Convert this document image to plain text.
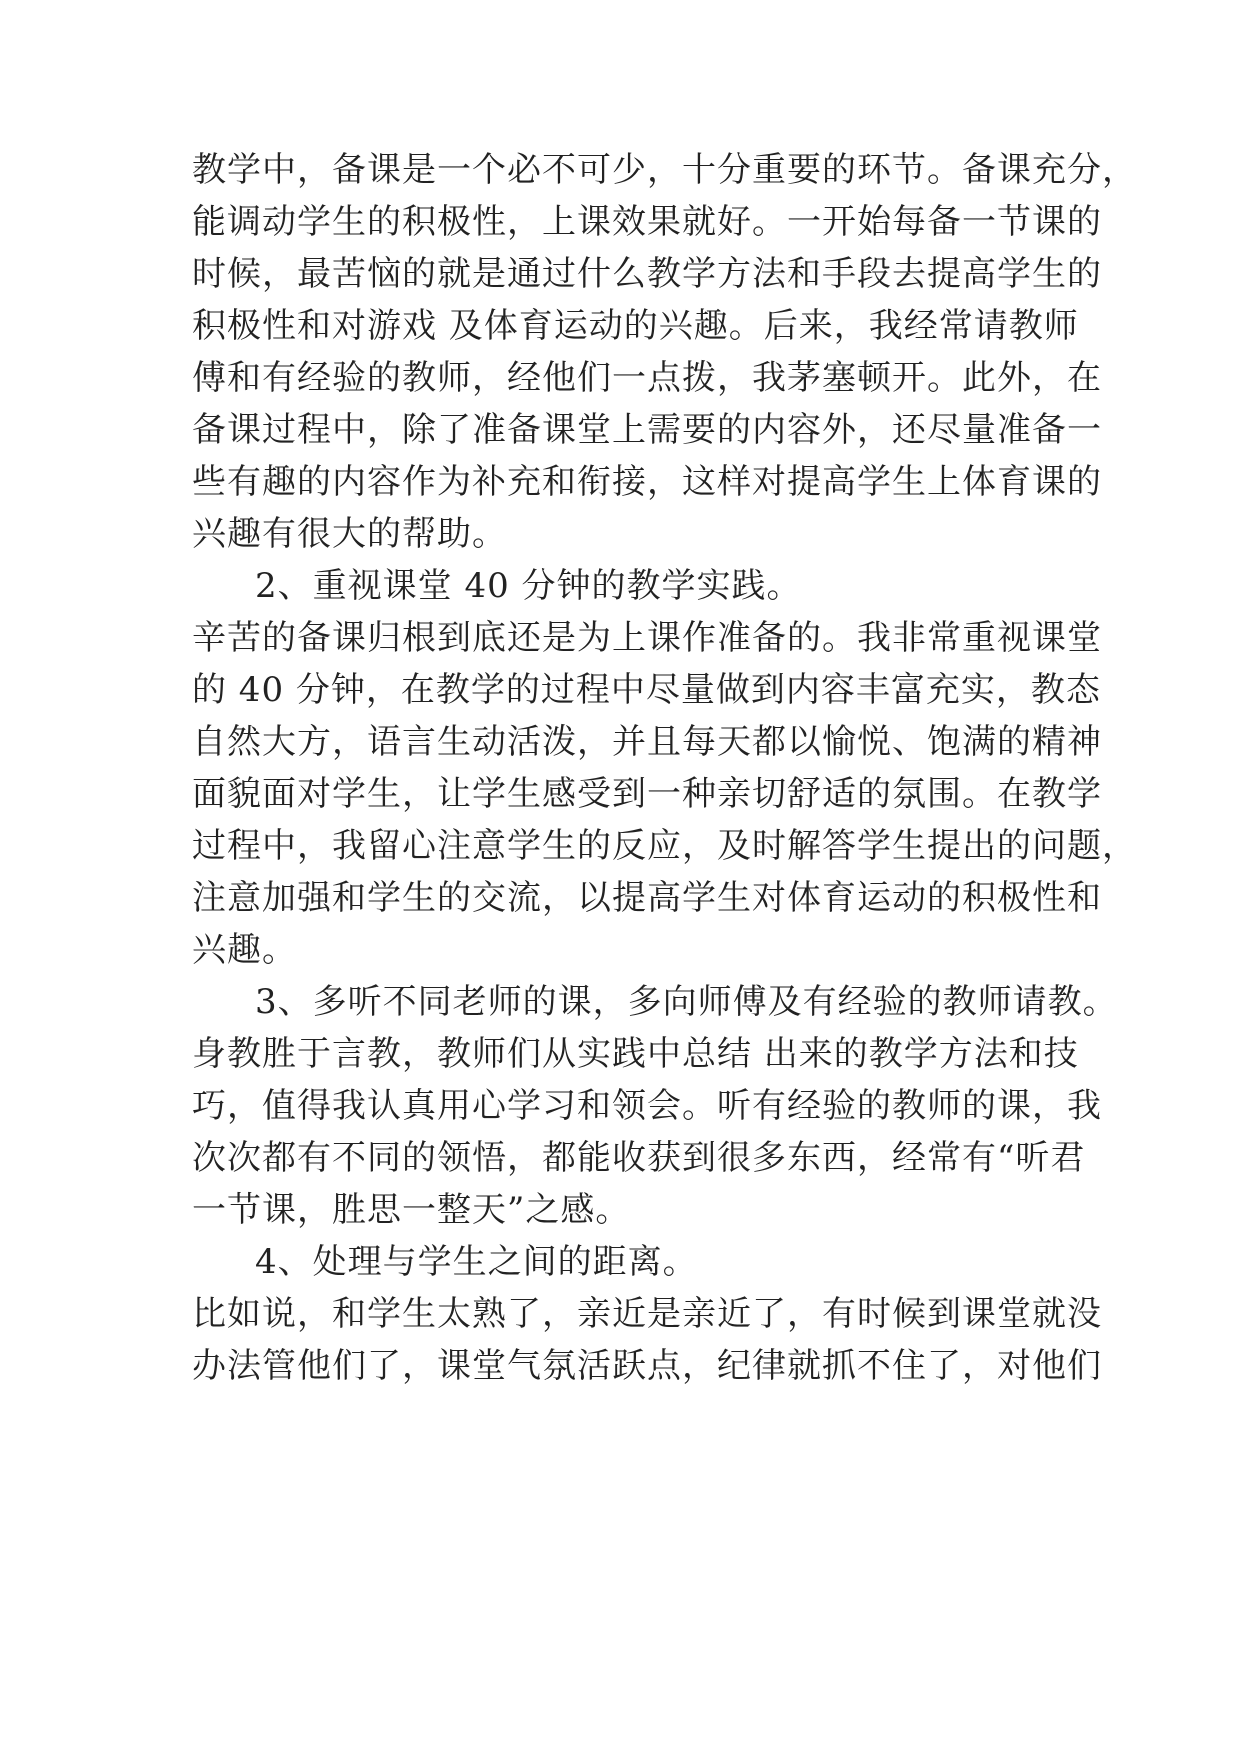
教学中，备课是一个必不可少，十分重要的环节。备课充分，
能调动学生的积极性，上课效果就好。一开始每备一节课的
时候，最苦恼的就是通过什么教学方法和手段去提高学生的
积极性和对游戏 及体育运动的兴趣。后来，我经常请教师
傅和有经验的教师，经他们一点拨，我茅塞顿开。此外，在
备课过程中，除了准备课堂上需要的内容外，还尽量准备一
些有趣的内容作为补充和衔接，这样对提高学生上体育课的
兴趣有很大的帮助。
2、重视课堂 40 分钟的教学实践。
辛苦的备课归根到底还是为上课作准备的。我非常重视课堂
的 40 分钟，在教学的过程中尽量做到内容丰富充实，教态
自然大方，语言生动活泼，并且每天都以愉悦、饱满的精神
面貌面对学生，让学生感受到一种亲切舒适的氛围。在教学
过程中，我留心注意学生的反应，及时解答学生提出的问题，
注意加强和学生的交流，以提高学生对体育运动的积极性和
兴趣。
3、多听不同老师的课，多向师傅及有经验的教师请教。
身教胜于言教，教师们从实践中总结 出来的教学方法和技
巧，值得我认真用心学习和领会。听有经验的教师的课，我
次次都有不同的领悟，都能收获到很多东西，经常有“听君
一节课，胜思一整天”之感。
4、处理与学生之间的距离。
比如说，和学生太熟了，亲近是亲近了，有时候到课堂就没
办法管他们了，课堂气氛活跃点，纪律就抓不住了，对他们
